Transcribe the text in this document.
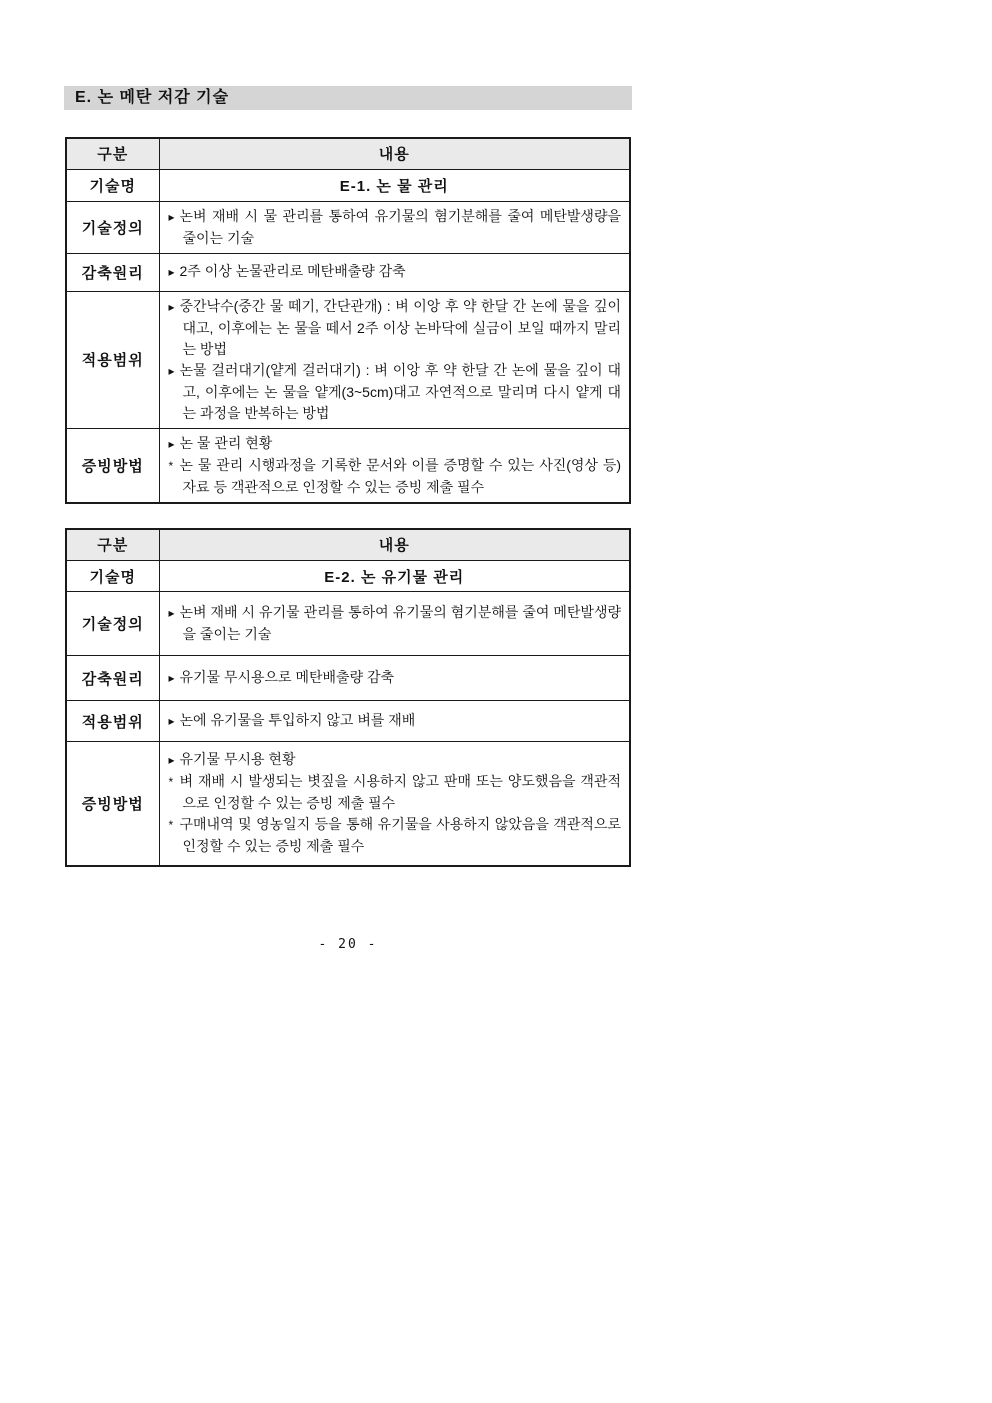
E. 논 메탄 저감 기술
구분	내용
기술명	E-1. 논 물 관리
기술정의	▸ 논벼 재배 시 물 관리를 통하여 유기물의 혐기분해를 줄여 메탄발생량을 줄이는 기술

감축원리	▸ 2주 이상 논물관리로 메탄배출량 감축

적용범위	▸ 중간낙수(중간 물 떼기, 간단관개) : 벼 이앙 후 약 한달 간 논에 물을 깊이 대고, 이후에는 논 물을 떼서 2주 이상 논바닥에 실금이 보일 때까지 말리는 방법

▸ 논물 걸러대기(얕게 걸러대기) : 벼 이앙 후 약 한달 간 논에 물을 깊이 대고, 이후에는 논 물을 얕게(3~5cm)대고 자연적으로 말리며 다시 얕게 대는 과정을 반복하는 방법

증빙방법	▸ 논 물 관리 현황

* 논 물 관리 시행과정을 기록한 문서와 이를 증명할 수 있는 사진(영상 등) 자료 등 객관적으로 인정할 수 있는 증빙 제출 필수

구분	내용
기술명	E-2. 논 유기물 관리
기술정의	▸ 논벼 재배 시 유기물 관리를 통하여 유기물의 혐기분해를 줄여 메탄발생량을 줄이는 기술

감축원리	▸ 유기물 무시용으로 메탄배출량 감축

적용범위	▸ 논에 유기물을 투입하지 않고 벼를 재배

증빙방법	▸ 유기물 무시용 현황

* 벼 재배 시 발생되는 볏짚을 시용하지 않고 판매 또는 양도했음을 객관적으로 인정할 수 있는 증빙 제출 필수

* 구매내역 및 영농일지 등을 통해 유기물을 사용하지 않았음을 객관적으로 인정할 수 있는 증빙 제출 필수

- 20 -
